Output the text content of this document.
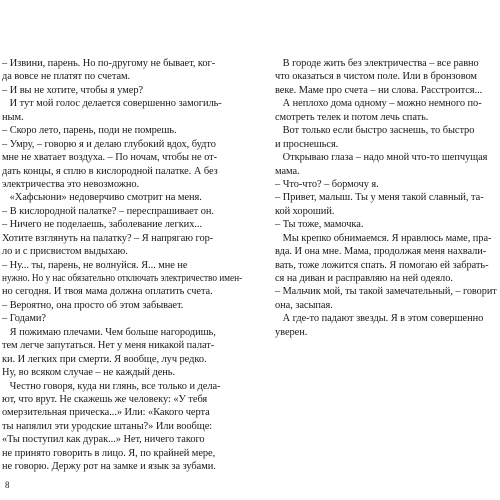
– Извини, парень. Но по-другому не бывает, ког-
да вовсе не платят по счетам.
– И вы не хотите, чтобы я умер?
И тут мой голос делается совершенно замогиль-
ным.
– Скоро лето, парень, поди не помрешь.
– Умру, – говорю я и делаю глубокий вдох, будто
мне не хватает воздуха. – По ночам, чтобы не от-
дать концы, я сплю в кислородной палатке. А без
электричества это невозможно.
«Хафсьюни» недоверчиво смотрит на меня.
– В кислородной палатке? – переспрашивает он.
– Ничего не поделаешь, заболевание легких...
Хотите взглянуть на палатку? – Я напрягаю гор-
ло и с присвистом выдыхаю.
– Ну... ты, парень, не волнуйся. Я... мне не
нужно. Но у нас обязательно отключать электричество имен-
но сегодня. И твоя мама должна оплатить счета.
– Вероятно, она просто об этом забывает.
– Годами?
Я пожимаю плечами. Чем больше нагородишь,
тем легче запутаться. Нет у меня никакой палат-
ки. И легких при смерти. Я вообще, луч редко.
Ну, во всяком случае – не каждый день.
Честно говоря, куда ни глянь, все только и дела-
ют, что врут. Не скажешь же человеку: «У тебя
омерзительная прическа...» Или: «Какого черта
ты напялил эти уродские штаны?» Или вообще:
«Ты поступил как дурак...» Нет, ничего такого
не принято говорить в лицо. Я, по крайней мере,
не говорю. Держу рот на замке и язык за зубами.
В городе жить без электричества – все равно
что оказаться в чистом поле. Или в бронзовом
веке. Маме про счета – ни слова. Расстроится...
А неплохо дома одному – можно немного по-
смотреть телек и потом лечь спать.
Вот только если быстро заснешь, то быстро
и проснешься.
Открываю глаза – надо мной что-то шепчущая
мама.
– Что-что? – бормочу я.
– Привет, малыш. Ты у меня такой славный, та-
кой хороший.
– Ты тоже, мамочка.
Мы крепко обнимаемся. Я нравлюсь маме, пра-
вда. И она мне. Мама, продолжая меня нахвали-
вать, тоже ложится спать. Я помогаю ей забрать-
ся на диван и расправляю на ней одеяло.
– Мальчик мой, ты такой замечательный, – говорит
она, засыпая.
А где-то падают звезды. Я в этом совершенно
уверен.
8
